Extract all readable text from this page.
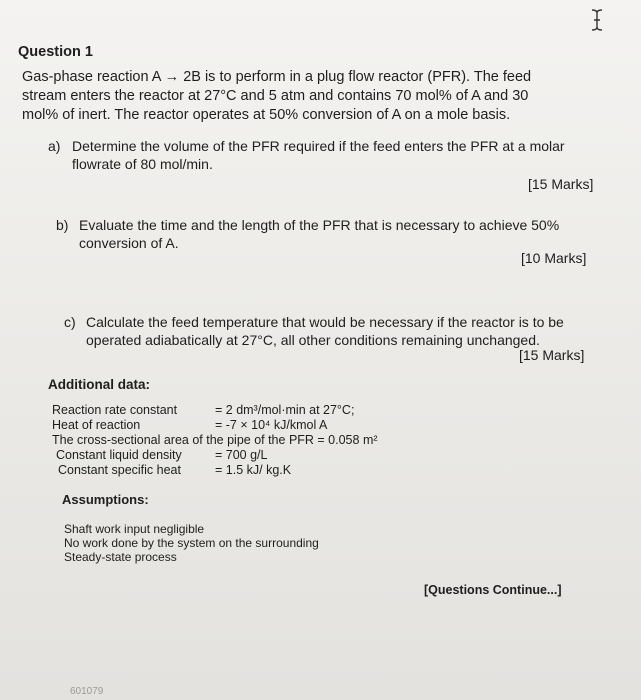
Question 1
Gas-phase reaction A → 2B is to perform in a plug flow reactor (PFR). The feed
stream enters the reactor at 27°C and 5 atm and contains 70 mol% of A and 30
mol% of inert. The reactor operates at 50% conversion of A on a mole basis.
a) Determine the volume of the PFR required if the feed enters the PFR at a molar
flowrate of 80 mol/min.
[15 Marks]
b) Evaluate the time and the length of the PFR that is necessary to achieve 50%
conversion of A.
[10 Marks]
c) Calculate the feed temperature that would be necessary if the reactor is to be
operated adiabatically at 27°C, all other conditions remaining unchanged.
[15 Marks]
Additional data:
Reaction rate constant	= 2 dm³/mol·min at 27°C;
Heat of reaction	= -7 × 10⁴ kJ/kmol A
The cross-sectional area of the pipe of the PFR = 0.058 m²
Constant liquid density	= 700 g/L
Constant specific heat	= 1.5 kJ/ kg.K
Assumptions:
Shaft work input negligible
No work done by the system on the surrounding
Steady-state process
[Questions Continue...]
601079
